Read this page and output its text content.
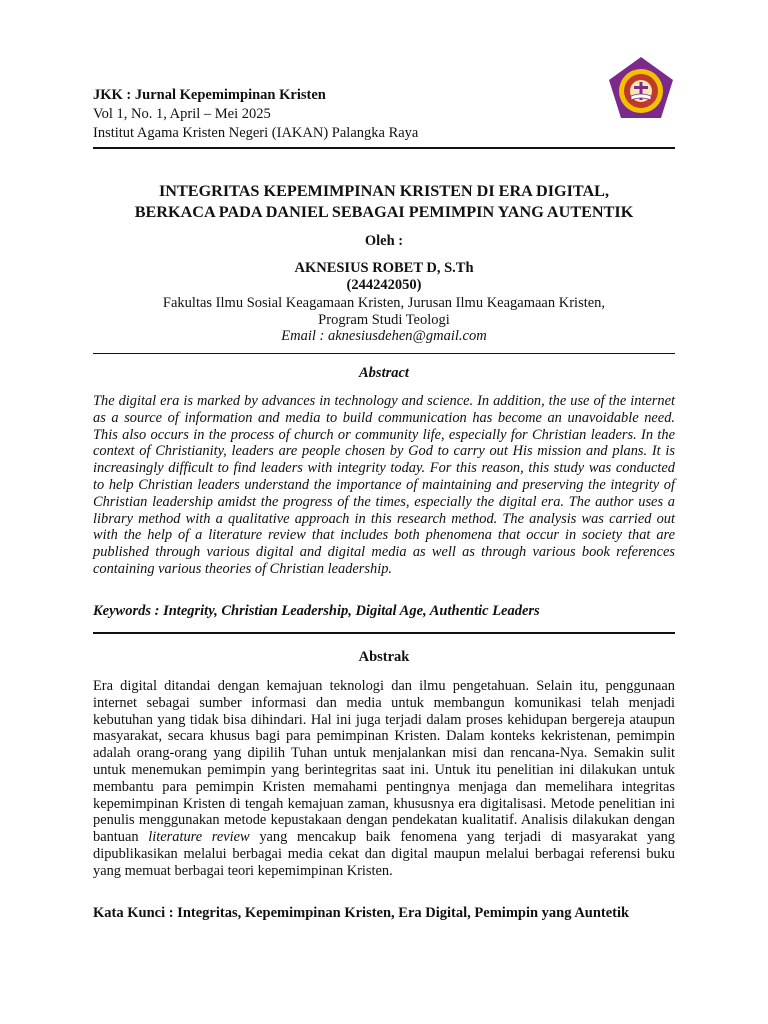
JKK : Jurnal Kepemimpinan Kristen
Vol 1, No. 1, April – Mei 2025
Institut Agama Kristen Negeri (IAKAN) Palangka Raya
INTEGRITAS KEPEMIMPINAN KRISTEN DI ERA DIGITAL,
BERKACA PADA DANIEL SEBAGAI PEMIMPIN YANG AUTENTIK
Oleh :
AKNESIUS ROBET D, S.Th
(244242050)
Fakultas Ilmu Sosial Keagamaan Kristen, Jurusan Ilmu Keagamaan Kristen,
Program Studi Teologi
Email : aknesiusdehen@gmail.com
Abstract
The digital era is marked by advances in technology and science. In addition, the use of the internet as a source of information and media to build communication has become an unavoidable need. This also occurs in the process of church or community life, especially for Christian leaders. In the context of Christianity, leaders are people chosen by God to carry out His mission and plans. It is increasingly difficult to find leaders with integrity today. For this reason, this study was conducted to help Christian leaders understand the importance of maintaining and preserving the integrity of Christian leadership amidst the progress of the times, especially the digital era. The author uses a library method with a qualitative approach in this research method. The analysis was carried out with the help of a literature review that includes both phenomena that occur in society that are published through various digital and digital media as well as through various book references containing various theories of Christian leadership.
Keywords : Integrity, Christian Leadership, Digital Age, Authentic Leaders
Abstrak
Era digital ditandai dengan kemajuan teknologi dan ilmu pengetahuan. Selain itu, penggunaan internet sebagai sumber informasi dan media untuk membangun komunikasi telah menjadi kebutuhan yang tidak bisa dihindari. Hal ini juga terjadi dalam proses kehidupan bergereja ataupun masyarakat, secara khusus bagi para pemimpinan Kristen. Dalam konteks kekristenan, pemimpin adalah orang-orang yang dipilih Tuhan untuk menjalankan misi dan rencana-Nya. Semakin sulit untuk menemukan pemimpin yang berintegritas saat ini. Untuk itu penelitian ini dilakukan untuk membantu para pemimpin Kristen memahami pentingnya menjaga dan memelihara integritas kepemimpinan Kristen di tengah kemajuan zaman, khususnya era digitalisasi. Metode penelitian ini penulis menggunakan metode kepustakaan dengan pendekatan kualitatif. Analisis dilakukan dengan bantuan literature review yang mencakup baik fenomena yang terjadi di masyarakat yang dipublikasikan melalui berbagai media cekat dan digital maupun melalui berbagai referensi buku yang memuat berbagai teori kepemimpinan Kristen.
Kata Kunci : Integritas, Kepemimpinan Kristen, Era Digital, Pemimpin yang Auntetik
